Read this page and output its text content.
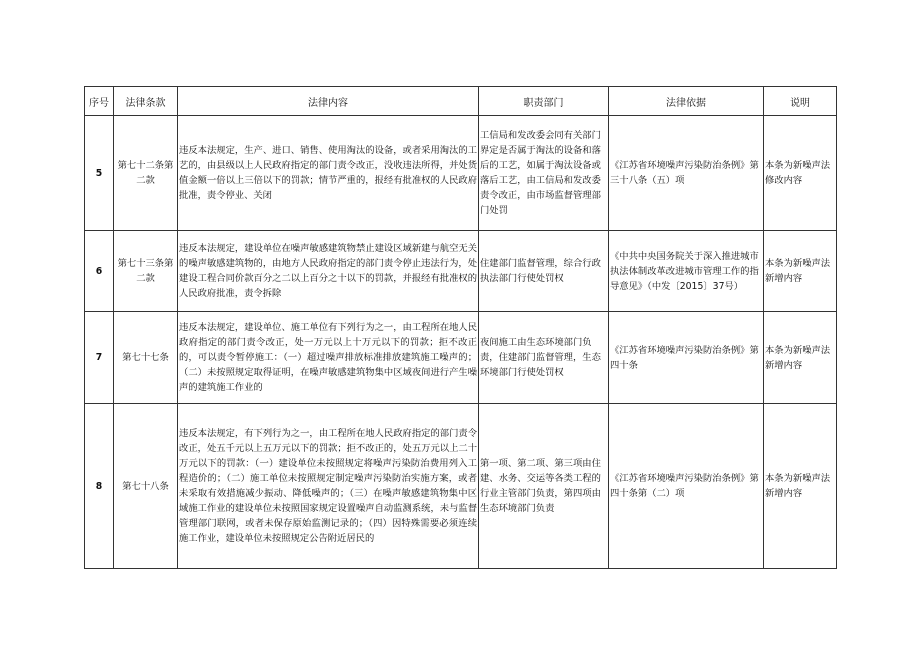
序号	法律条款	法律内容	职责部门	法律依据	说明
5	第七十二条第二款	违反本法规定，生产、进口、销售、使用淘汰的设备，或者采用淘汰的工艺的，由县级以上人民政府指定的部门责令改正，没收违法所得，并处货值金额一倍以上三倍以下的罚款；情节严重的，报经有批准权的人民政府批准，责令停业、关闭	工信局和发改委会同有关部门界定是否属于淘汰的设备和落后的工艺，如属于淘汰设备或落后工艺，由工信局和发改委责令改正，由市场监督管理部门处罚	《江苏省环境噪声污染防治条例》第三十八条（五）项	本条为新噪声法修改内容
6	第七十三条第二款	违反本法规定，建设单位在噪声敏感建筑物禁止建设区域新建与航空无关的噪声敏感建筑物的，由地方人民政府指定的部门责令停止违法行为，处建设工程合同价款百分之二以上百分之十以下的罚款，并报经有批准权的人民政府批准，责令拆除	住建部门监督管理，综合行政执法部门行使处罚权	《中共中央国务院关于深入推进城市执法体制改革改进城市管理工作的指导意见》（中发〔2015〕37号）	本条为新噪声法新增内容
7	第七十七条	违反本法规定，建设单位、施工单位有下列行为之一，由工程所在地人民政府指定的部门责令改正，处一万元以上十万元以下的罚款；拒不改正的，可以责令暂停施工：（一）超过噪声排放标准排放建筑施工噪声的；（二）未按照规定取得证明，在噪声敏感建筑物集中区域夜间进行产生噪声的建筑施工作业的	夜间施工由生态环境部门负责，住建部门监督管理，生态环境部门行使处罚权	《江苏省环境噪声污染防治条例》第四十条	本条为新噪声法新增内容
8	第七十八条	违反本法规定，有下列行为之一，由工程所在地人民政府指定的部门责令改正，处五千元以上五万元以下的罚款；拒不改正的，处五万元以上二十万元以下的罚款：（一）建设单位未按照规定将噪声污染防治费用列入工程造价的；（二）施工单位未按照规定制定噪声污染防治实施方案，或者未采取有效措施减少振动、降低噪声的；（三）在噪声敏感建筑物集中区域施工作业的建设单位未按照国家规定设置噪声自动监测系统，未与监督管理部门联网，或者未保存原始监测记录的；（四）因特殊需要必须连续施工作业，建设单位未按照规定公告附近居民的	第一项、第二项、第三项由住建、水务、交运等各类工程的行业主管部门负责，第四项由生态环境部门负责	《江苏省环境噪声污染防治条例》第四十条第（二）项	本条为新噪声法新增内容
